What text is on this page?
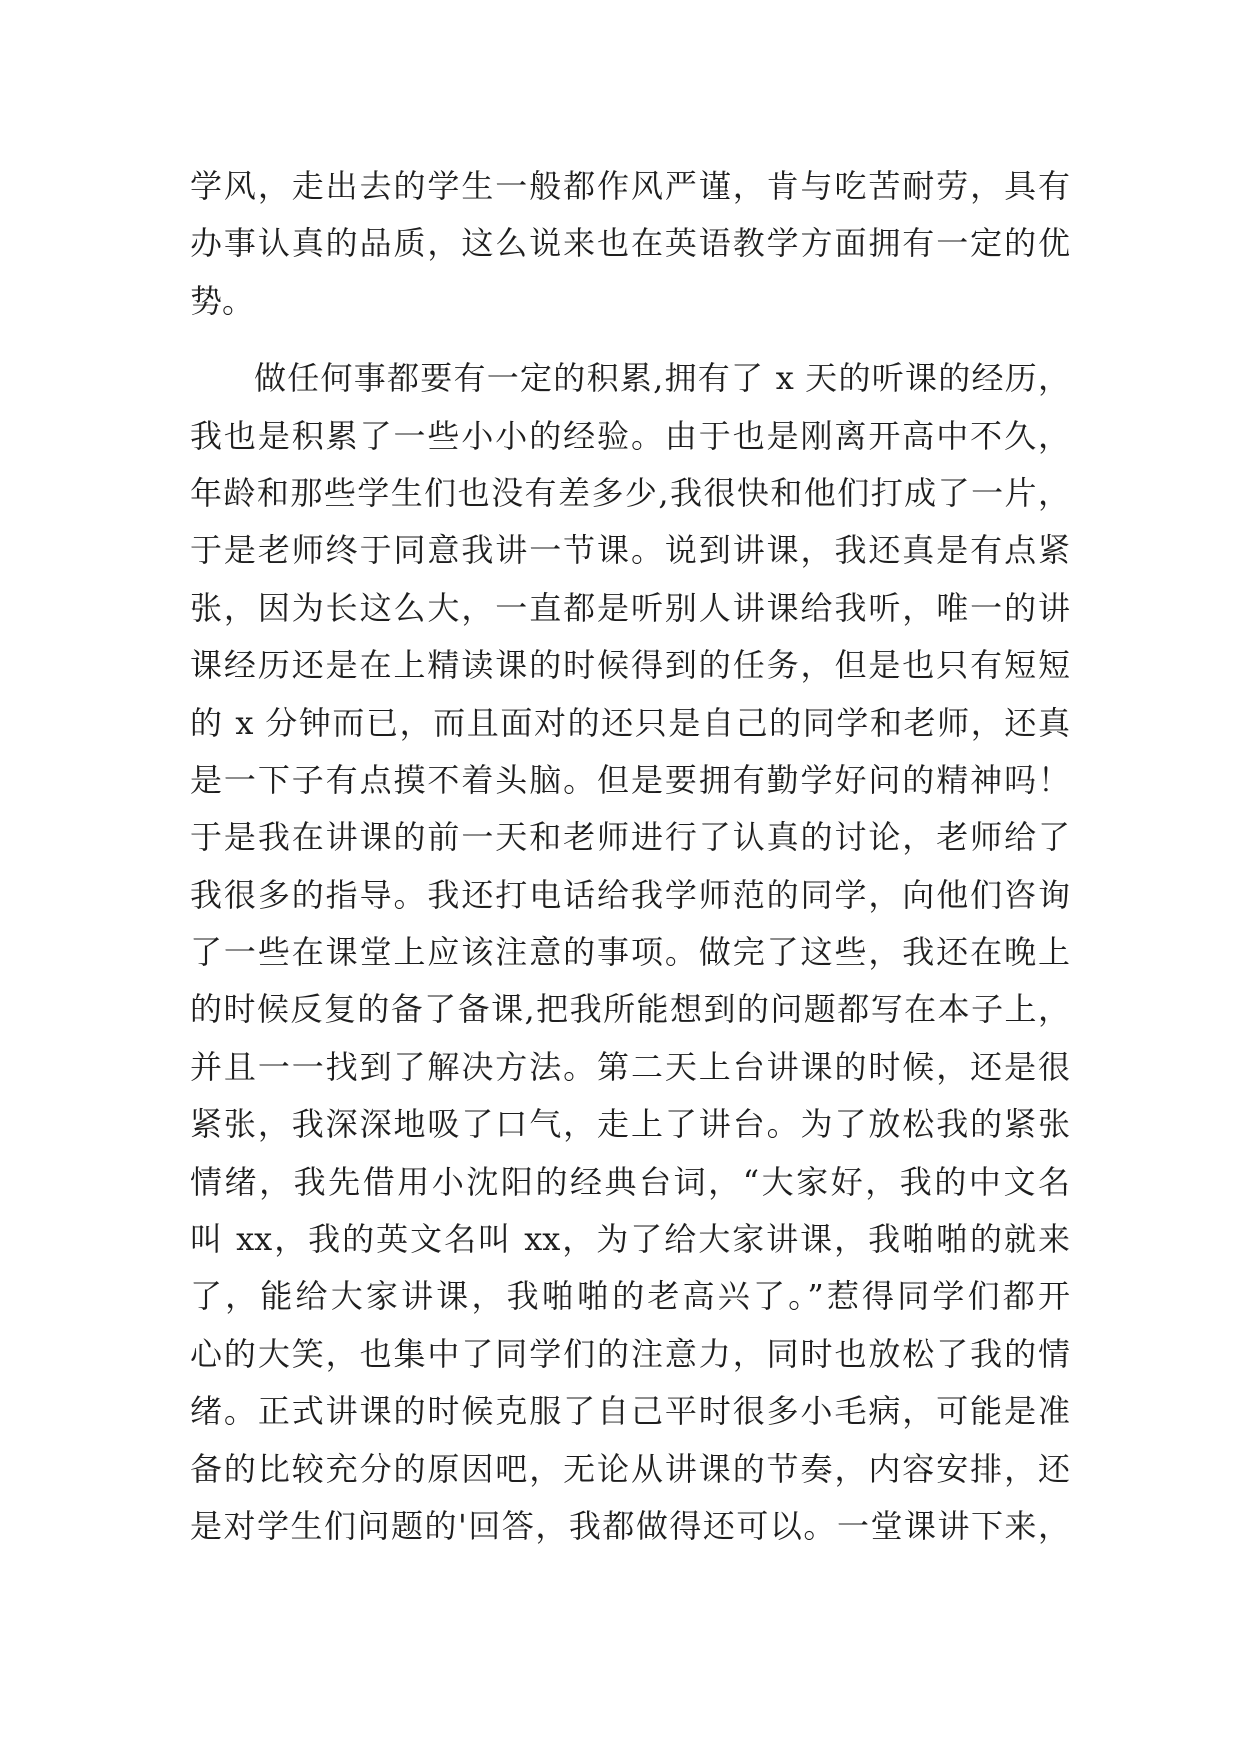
学风，走出去的学生一般都作风严谨，肯与吃苦耐劳，具有
办事认真的品质，这么说来也在英语教学方面拥有一定的优
势。
做任何事都要有一定的积累,拥有了 x 天的听课的经历，
我也是积累了一些小小的经验。由于也是刚离开高中不久，
年龄和那些学生们也没有差多少,我很快和他们打成了一片，
于是老师终于同意我讲一节课。说到讲课，我还真是有点紧
张，因为长这么大，一直都是听别人讲课给我听，唯一的讲
课经历还是在上精读课的时候得到的任务，但是也只有短短
的 x 分钟而已，而且面对的还只是自己的同学和老师，还真
是一下子有点摸不着头脑。但是要拥有勤学好问的精神吗！
于是我在讲课的前一天和老师进行了认真的讨论，老师给了
我很多的指导。我还打电话给我学师范的同学，向他们咨询
了一些在课堂上应该注意的事项。做完了这些，我还在晚上
的时候反复的备了备课,把我所能想到的问题都写在本子上，
并且一一找到了解决方法。第二天上台讲课的时候，还是很
紧张，我深深地吸了口气，走上了讲台。为了放松我的紧张
情绪，我先借用小沈阳的经典台词，“大家好，我的中文名
叫 xx，我的英文名叫 xx，为了给大家讲课，我啪啪的就来
了，能给大家讲课，我啪啪的老高兴了。”惹得同学们都开
心的大笑，也集中了同学们的注意力，同时也放松了我的情
绪。正式讲课的时候克服了自己平时很多小毛病，可能是准
备的比较充分的原因吧，无论从讲课的节奏，内容安排，还
是对学生们问题的'回答，我都做得还可以。一堂课讲下来，
